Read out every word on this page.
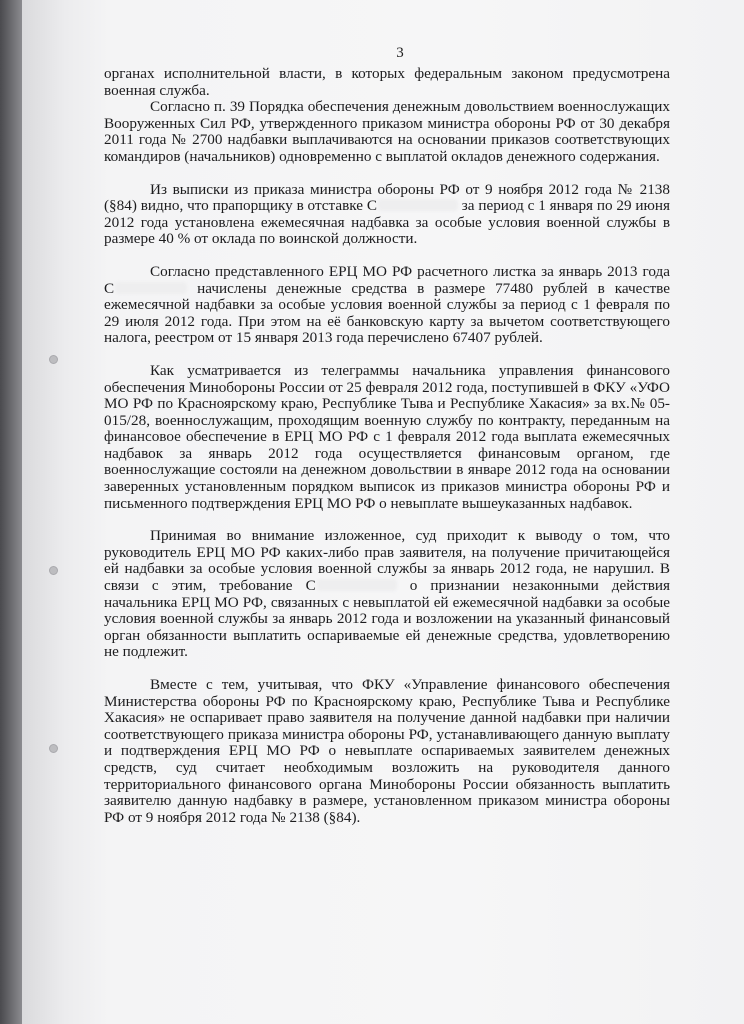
3

органах исполнительной власти, в которых федеральным законом предусмотрена военная служба.

Согласно п. 39 Порядка обеспечения денежным довольствием военнослужащих Вооруженных Сил РФ, утвержденного приказом министра обороны РФ от 30 декабря 2011 года № 2700 надбавки выплачиваются на основании приказов соответствующих командиров (начальников) одновременно с выплатой окладов денежного содержания.

Из выписки из приказа министра обороны РФ от 9 ноября 2012 года № 2138 (§84) видно, что прапорщику в отставке С	за период с 1 января по 29 июня 2012 года установлена ежемесячная надбавка за особые условия военной службы в размере 40 % от оклада по воинской должности.

Согласно представленного ЕРЦ МО РФ расчетного листка за январь 2013 года С	начислены денежные средства в размере 77480 рублей в качестве ежемесячной надбавки за особые условия военной службы за период с 1 февраля по 29 июля 2012 года. При этом на её банковскую карту за вычетом соответствующего налога, реестром от 15 января 2013 года перечислено 67407 рублей.

Как усматривается из телеграммы начальника управления финансового обеспечения Минобороны России от 25 февраля 2012 года, поступившей в ФКУ «УФО МО РФ по Красноярскому краю, Республике Тыва и Республике Хакасия» за вх.№ 05-015/28, военнослужащим, проходящим военную службу по контракту, переданным на финансовое обеспечение в ЕРЦ МО РФ с 1 февраля 2012 года выплата ежемесячных надбавок за январь 2012 года осуществляется финансовым органом, где военнослужащие состояли на денежном довольствии в январе 2012 года на основании заверенных установленным порядком выписок из приказов министра обороны РФ и письменного подтверждения ЕРЦ МО РФ о невыплате вышеуказанных надбавок.

Принимая во внимание изложенное, суд приходит к выводу о том, что руководитель ЕРЦ МО РФ каких-либо прав заявителя, на получение причитающейся ей надбавки за особые условия военной службы за январь 2012 года, не нарушил. В связи с этим, требование С	о признании незаконными действия начальника ЕРЦ МО РФ, связанных с невыплатой ей ежемесячной надбавки за особые условия военной службы за январь 2012 года и возложении на указанный финансовый орган обязанности выплатить оспариваемые ей денежные средства, удовлетворению не подлежит.

Вместе с тем, учитывая, что ФКУ «Управление финансового обеспечения Министерства обороны РФ по Красноярскому краю, Республике Тыва и Республике Хакасия» не оспаривает право заявителя на получение данной надбавки при наличии соответствующего приказа министра обороны РФ, устанавливающего данную выплату и подтверждения ЕРЦ МО РФ о невыплате оспариваемых заявителем денежных средств, суд считает необходимым возложить на руководителя данного территориального финансового органа Минобороны России обязанность выплатить заявителю данную надбавку в размере, установленном приказом министра обороны РФ от 9 ноября 2012 года № 2138 (§84).
